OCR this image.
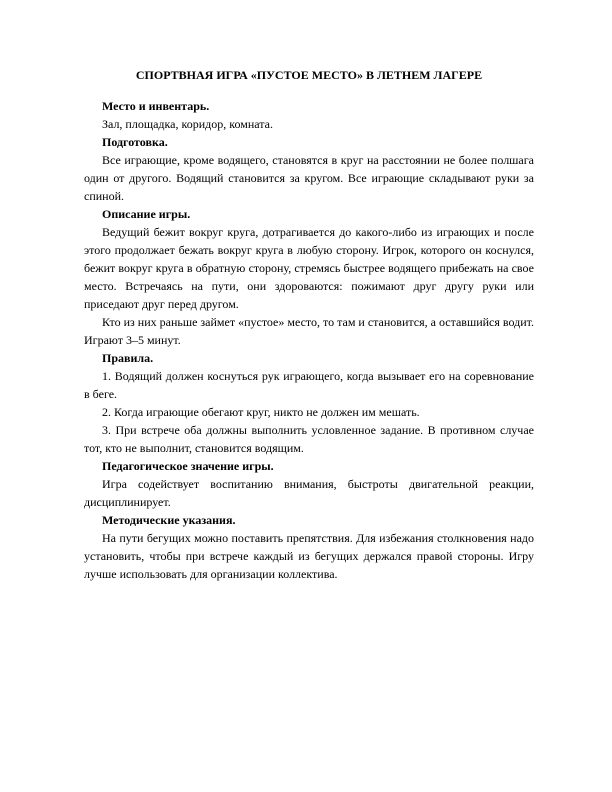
СПОРТВНАЯ ИГРА «ПУСТОЕ МЕСТО» В ЛЕТНЕМ ЛАГЕРЕ

Место и инвентарь.

Зал, площадка, коридор, комната.

Подготовка.

Все играющие, кроме водящего, становятся в круг на расстоянии не более полшага один от другого. Водящий становится за кругом. Все играющие складывают руки за спиной.

Описание игры.

Ведущий бежит вокруг круга, дотрагивается до какого-либо из играющих и после этого продолжает бежать вокруг круга в любую сторону. Игрок, которого он коснулся, бежит вокруг круга в обратную сторону, стремясь быстрее водящего прибежать на свое место. Встречаясь на пути, они здороваются: пожимают друг другу руки или приседают друг перед другом.

Кто из них раньше займет «пустое» место, то там и становится, а оставшийся водит. Играют 3–5 минут.

Правила.

1. Водящий должен коснуться рук играющего, когда вызывает его на соревнование в беге.

2. Когда играющие обегают круг, никто не должен им мешать.

3. При встрече оба должны выполнить условленное задание. В противном случае тот, кто не выполнит, становится водящим.

Педагогическое значение игры.

Игра содействует воспитанию внимания, быстроты двигательной реакции, дисциплинирует.

Методические указания.

На пути бегущих можно поставить препятствия. Для избежания столкновения надо установить, чтобы при встрече каждый из бегущих держался правой стороны. Игру лучше использовать для организации коллектива.
